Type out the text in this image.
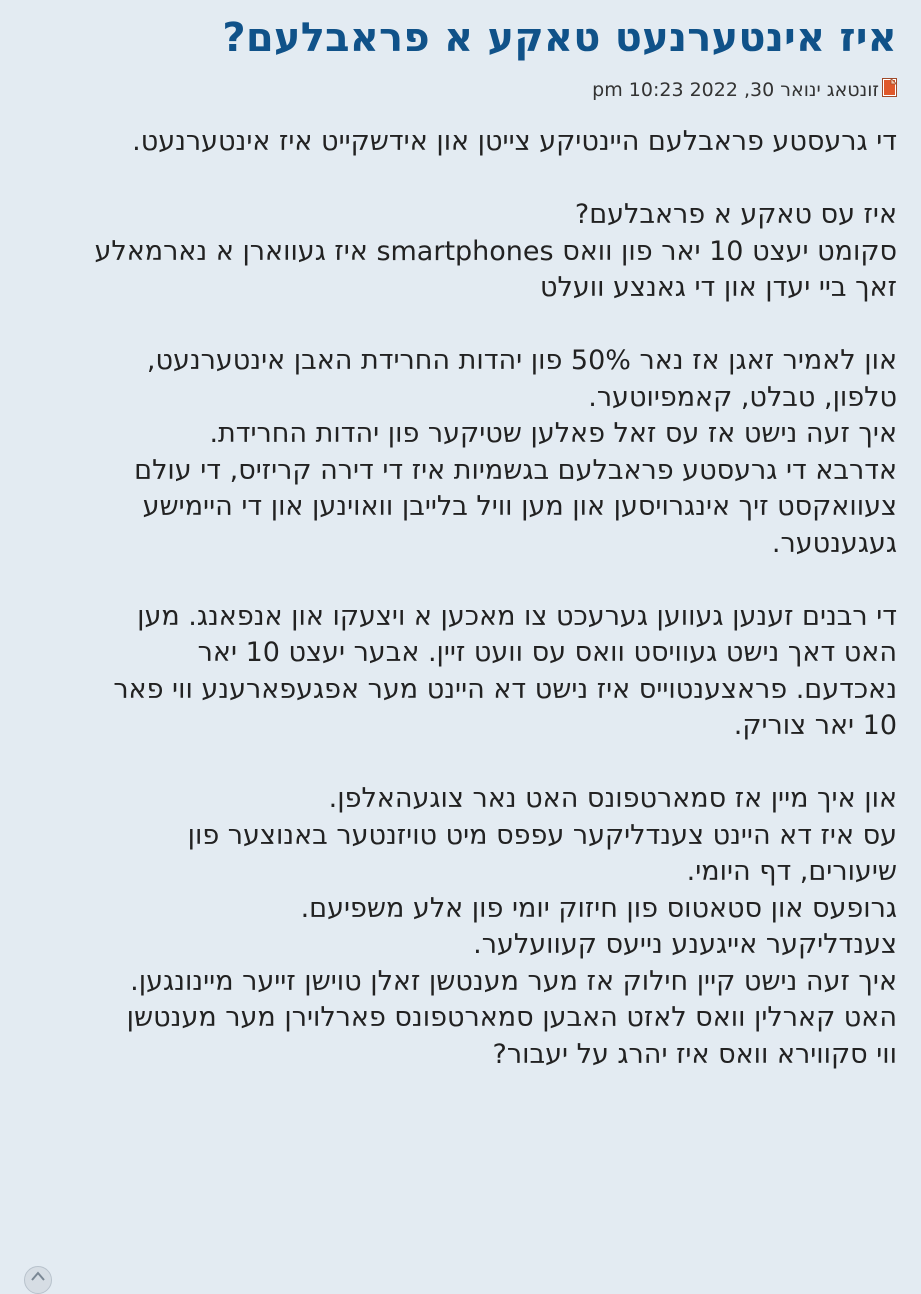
איז אינטערנעט טאקע א פראבלעם?
זונטאג ינואר 30, 2022 10:23 pm
די גרעסטע פראבלעם היינטיקע צייטן און אידשקייט איז אינטערנעט.
איז עס טאקע א פראבלעם?
סקומט יעצט 10 יאר פון וואס smartphones איז געווארן א נארמאלע
זאך ביי יעדן און די גאנצע וועלט
און לאמיר זאגן אז נאר 50% פון יהדות החרידת האבן אינטערנעט,
טלפון, טבלט, קאמפיוטער.
איך זעה נישט אז עס זאל פאלען שטיקער פון יהדות החרידת.
אדרבא די גרעסטע פראבלעם בגשמיות איז די דירה קריזיס, די עולם
צעוואקסט זיך אינגרויסען און מען וויל בלייבן וואוינען און די היימישע
געגענטער.
די רבנים זענען געווען גערעכט צו מאכען א ויצעקו און אנפאנג. מען
האט דאך נישט געוויסט וואס עס וועט זיין. אבער יעצט 10 יאר
נאכדעם. פראצענטוייס איז נישט דא היינט מער אפגעפארענע ווי פאר
10 יאר צוריק.
און איך מיין אז סמארטפונס האט נאר צוגעהאלפן.
עס איז דא היינט צענדליקער עפפס מיט טויזנטער באנוצער פון
שיעורים, דף היומי.
גרופעס און סטאטוס פון חיזוק יומי פון אלע משפיעם.
צענדליקער אייגענע נייעס קעוועלער.
איך זעה נישט קיין חילוק אז מער מענטשן זאלן טוישן זייער מיינונגען.
האט קארלין וואס לאזט האבען סמארטפונס פארלוירן מער מענטשן
ווי סקווירא וואס איז יהרג על יעבור?
